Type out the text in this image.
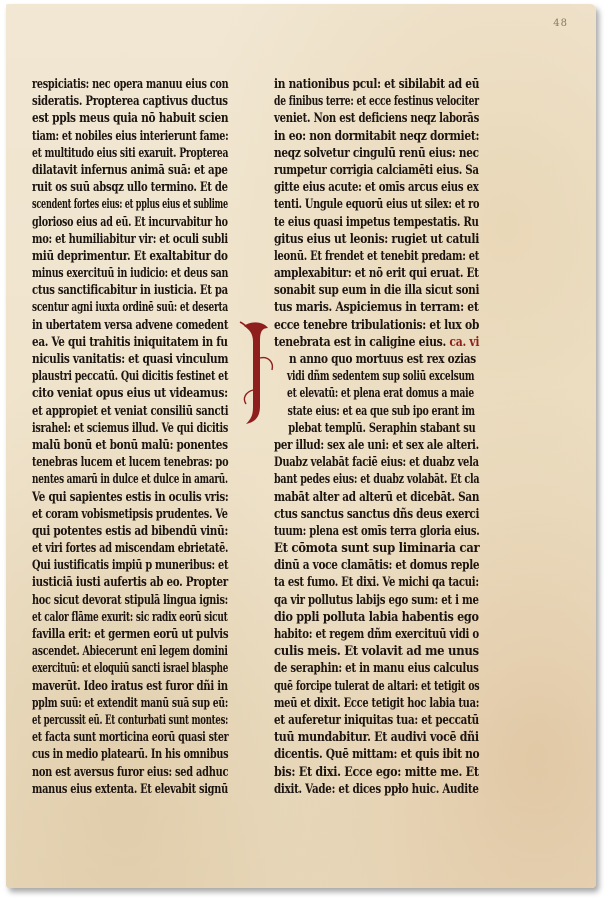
48
respiciatis: nec opera manuu eius con
sideratis. Propterea captivus ductus
est ppls meus quia nō habuit scien
tiam: et nobiles eius interierunt fame:
et multitudo eius siti exaruit. Propterea
dilatavit infernus animā suā: et ape
ruit os suū absqz ullo termino. Et de
scendent fortes eius: et pplus eius et sublime
glorioso eius ad eū. Et incurvabitur ho
mo: et humiliabitur vir: et oculi subli
miū deprimentur. Et exaltabitur do
minus exercituū in iudicio: et deus san
ctus sanctificabitur in iusticia. Et pa
scentur agni iuxta ordinē suū: et deserta
in ubertatem versa advene comedent
ea. Ve qui trahitis iniquitatem in fu
niculis vanitatis: et quasi vinculum
plaustri peccatū. Qui dicitis festinet et
cito veniat opus eius ut videamus:
et appropiet et veniat consiliū sancti
israhel: et sciemus illud. Ve qui dicitis
malū bonū et bonū malū: ponentes
tenebras lucem et lucem tenebras: po
nentes amarū in dulce et dulce in amarū.
Ve qui sapientes estis in oculis vris:
et coram vobismetipsis prudentes. Ve
qui potentes estis ad bibendū vinū:
et viri fortes ad miscendam ebrietatē.
Qui iustificatis impiū p muneribus: et
iusticiā iusti aufertis ab eo. Propter
hoc sicut devorat stipulā lingua ignis:
et calor flāme exurit: sic radix eorū sicut
favilla erit: et germen eorū ut pulvis
ascendet. Abiecerunt enī legem domini
exercituū: et eloquiū sancti israel blasphe
maverūt. Ideo iratus est furor dñi in
pplm suū: et extendit manū suā sup eū:
et percussit eū. Et conturbati sunt montes:
et facta sunt morticina eorū quasi ster
cus in medio platearū. In his omnibus
non est aversus furor eius: sed adhuc
manus eius extenta. Et elevabit signū
in nationibus pcul: et sibilabit ad eū
de finibus terre: et ecce festinus velociter
veniet. Non est deficiens neqz laborās
in eo: non dormitabit neqz dormiet:
neqz solvetur cingulū renū eius: nec
rumpetur corrigia calciamēti eius. Sa
gitte eius acute: et omīs arcus eius ex
tenti. Ungule equorū eius ut silex: et ro
te eius quasi impetus tempestatis. Ru
gitus eius ut leonis: rugiet ut catuli
leonū. Et frendet et tenebit predam: et
amplexabitur: et nō erit qui eruat. Et
sonabit sup eum in die illa sicut soni
tus maris. Aspiciemus in terram: et
ecce tenebre tribulationis: et lux ob
tenebrata est in caligine eius. ca. vi
n anno quo mortuus est rex ozias
vidi dñm sedentem sup soliū excelsum
et elevatū: et plena erat domus a maie
state eius: et ea que sub ipo erant im
plebat templū. Seraphin stabant su
per illud: sex ale uni: et sex ale alteri.
Duabz velabāt faciē eius: et duabz vela
bant pedes eius: et duabz volabāt. Et cla
mabāt alter ad alterū et dicebāt. San
ctus sanctus sanctus dñs deus exerci
tuum: plena est omīs terra gloria eius.
Et cōmota sunt sup liminaria car
dinū a voce clamātis: et domus reple
ta est fumo. Et dixi. Ve michi qa tacui:
qa vir pollutus labijs ego sum: et i me
dio ppli polluta labia habentis ego
habito: et regem dñm exercituū vidi o
culis meis. Et volavit ad me unus
de seraphin: et in manu eius calculus
quē forcipe tulerat de altari: et tetigit os
meū et dixit. Ecce tetigit hoc labia tua:
et auferetur iniquitas tua: et peccatū
tuū mundabitur. Et audivi vocē dñi
dicentis. Quē mittam: et quis ibit no
bis: Et dixi. Ecce ego: mitte me. Et
dixit. Vade: et dices ppło huic. Audite
